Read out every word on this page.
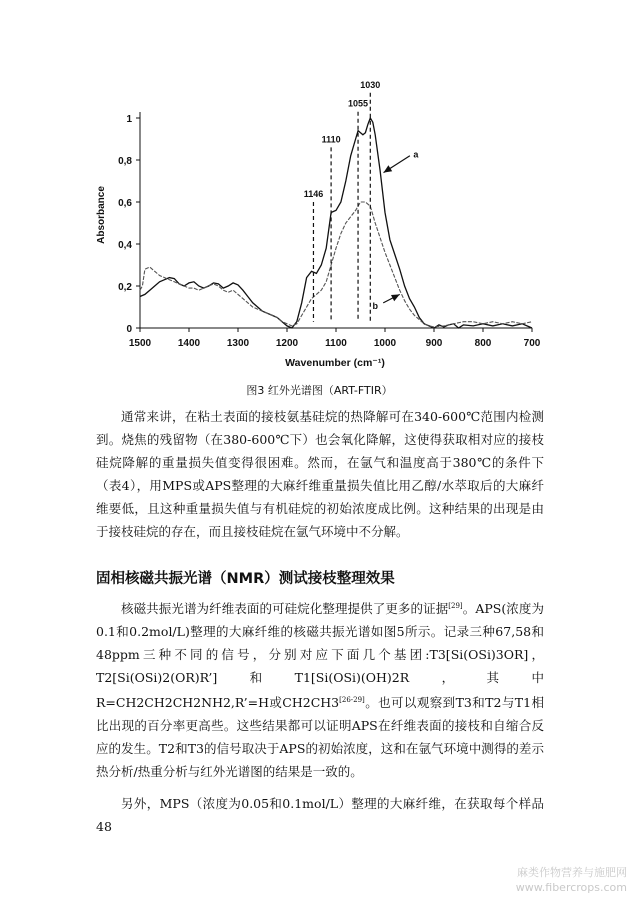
1500	1400	1300	1200	1100	1000	900	800	700
0
0,2
0,4
0,6
0,8
1
1146
1110
1055
1030
a
b
Absorbance
Wavenumber (cm⁻¹)
图3 红外光谱图（ART-FTIR）

通常来讲，在粘土表面的接枝氨基硅烷的热降解可在340-600℃范围内检测到。烧焦的残留物（在380-600℃下）也会氧化降解，这使得获取相对应的接枝硅烷降解的重量损失值变得很困难。然而，在氩气和温度高于380℃的条件下（表4），用MPS或APS整理的大麻纤维重量损失值比用乙醇/水萃取后的大麻纤维要低，且这种重量损失值与有机硅烷的初始浓度成比例。这种结果的出现是由于接枝硅烷的存在，而且接枝硅烷在氩气环境中不分解。

固相核磁共振光谱（NMR）测试接枝整理效果

核磁共振光谱为纤维表面的可硅烷化整理提供了更多的证据[29]。APS(浓度为0.1和0.2mol/L)整理的大麻纤维的核磁共振光谱如图5所示。记录三种67,58和48ppm三种不同的信号，分别对应下面几个基团:T3[Si(OSi)3OR]，T2[Si(OSi)2(OR)R’]和T1[Si(OSi)(OH)2R，其中R=CH2CH2CH2NH2,R’=H或CH2CH3[26-29]。也可以观察到T3和T2与T1相比出现的百分率更高些。这些结果都可以证明APS在纤维表面的接枝和自缩合反应的发生。T2和T3的信号取决于APS的初始浓度，这和在氩气环境中测得的差示热分析/热重分析与红外光谱图的结果是一致的。

另外，MPS（浓度为0.05和0.1mol/L）整理的大麻纤维，在获取每个样品48

麻类作物营养与施肥网
www.fibercrops.com
